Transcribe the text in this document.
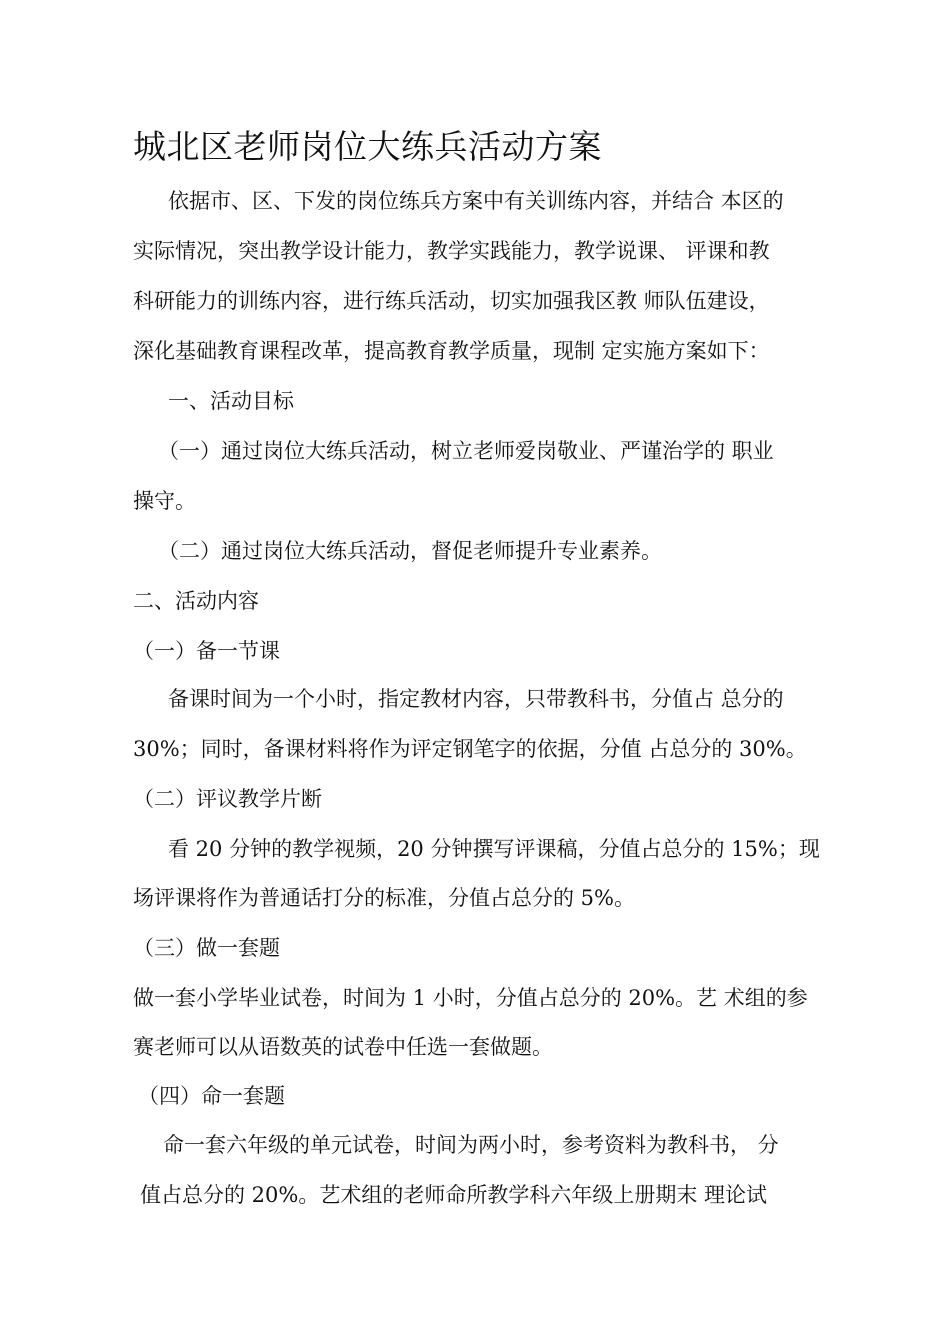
城北区老师岗位大练兵活动方案
依据市、区、下发的岗位练兵方案中有关训练内容，并结合 本区的
实际情况，突出教学设计能力，教学实践能力，教学说课、 评课和教
科研能力的训练内容，进行练兵活动，切实加强我区教 师队伍建设，
深化基础教育课程改革，提高教育教学质量，现制 定实施方案如下：
一、活动目标
（一）通过岗位大练兵活动，树立老师爱岗敬业、严谨治学的 职业
操守。
（二）通过岗位大练兵活动，督促老师提升专业素养。
二、活动内容
（一）备一节课
备课时间为一个小时，指定教材内容，只带教科书，分值占 总分的
30%；同时，备课材料将作为评定钢笔字的依据，分值 占总分的 30%。
（二）评议教学片断
看 20 分钟的教学视频，20 分钟撰写评课稿，分值占总分的 15%；现
场评课将作为普通话打分的标准，分值占总分的 5%。
（三）做一套题
做一套小学毕业试卷，时间为 1 小时，分值占总分的 20%。艺 术组的参
赛老师可以从语数英的试卷中任选一套做题。
（四）命一套题
命一套六年级的单元试卷，时间为两小时，参考资料为教科书， 分
值占总分的 20%。艺术组的老师命所教学科六年级上册期末 理论试
